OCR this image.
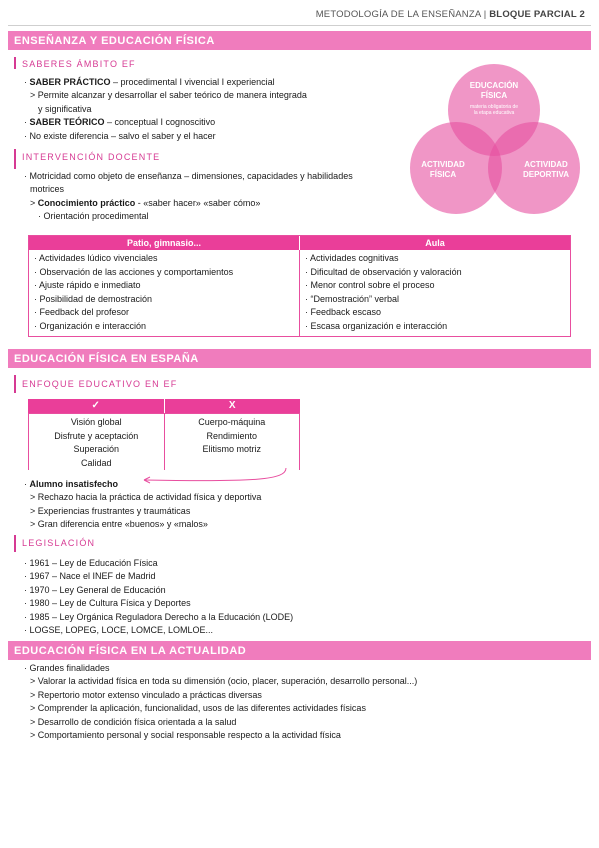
METODOLOGÍA DE LA ENSEÑANZA | BLOQUE PARCIAL 2
ENSEÑANZA Y EDUCACIÓN FÍSICA
SABERES ÁMBITO EF
· SABER PRÁCTICO – procedimental I vivencial I experiencial
> Permite alcanzar y desarrollar el saber teórico de manera integrada
y significativa
· SABER TEÓRICO – conceptual I cognoscitivo
· No existe diferencia – salvo el saber y el hacer
EDUCACIÓN
FÍSICA
materia obligatoria de
la etapa educativa
ACTIVIDAD
FÍSICA
ACTIVIDAD
DEPORTIVA
INTERVENCIÓN DOCENTE
· Motricidad como objeto de enseñanza – dimensiones, capacidades y habilidades
motrices
> Conocimiento práctico - «saber hacer» «saber cómo»
· Orientación procedimental
Patio, gimnasio...	Aula
· Actividades lúdico vivenciales
· Observación de las acciones y comportamientos
· Ajuste rápido e inmediato
· Posibilidad de demostración
· Feedback del profesor
· Organización e interacción
· Actividades cognitivas
· Dificultad de observación y valoración
· Menor control sobre el proceso
· “Demostración” verbal
· Feedback escaso
· Escasa organización e interacción
EDUCACIÓN FÍSICA EN ESPAÑA
ENFOQUE EDUCATIVO EN EF
✓	X
Visión global
Disfrute y aceptación
Superación
Calidad
Cuerpo-máquina
Rendimiento
Elitismo motriz
· Alumno insatisfecho
> Rechazo hacia la práctica de actividad física y deportiva
> Experiencias frustrantes y traumáticas
> Gran diferencia entre «buenos» y «malos»
LEGISLACIÓN
· 1961 – Ley de Educación Física
· 1967 – Nace el INEF de Madrid
· 1970 – Ley General de Educación
· 1980 – Ley de Cultura Física y Deportes
· 1985 – Ley Orgánica Reguladora Derecho a la Educación (LODE)
· LOGSE, LOPEG, LOCE, LOMCE, LOMLOE...
EDUCACIÓN FÍSICA EN LA ACTUALIDAD
· Grandes finalidades
> Valorar la actividad física en toda su dimensión (ocio, placer, superación, desarrollo personal...)
> Repertorio motor extenso vinculado a prácticas diversas
> Comprender la aplicación, funcionalidad, usos de las diferentes actividades físicas
> Desarrollo de condición física orientada a la salud
> Comportamiento personal y social responsable respecto a la actividad física
